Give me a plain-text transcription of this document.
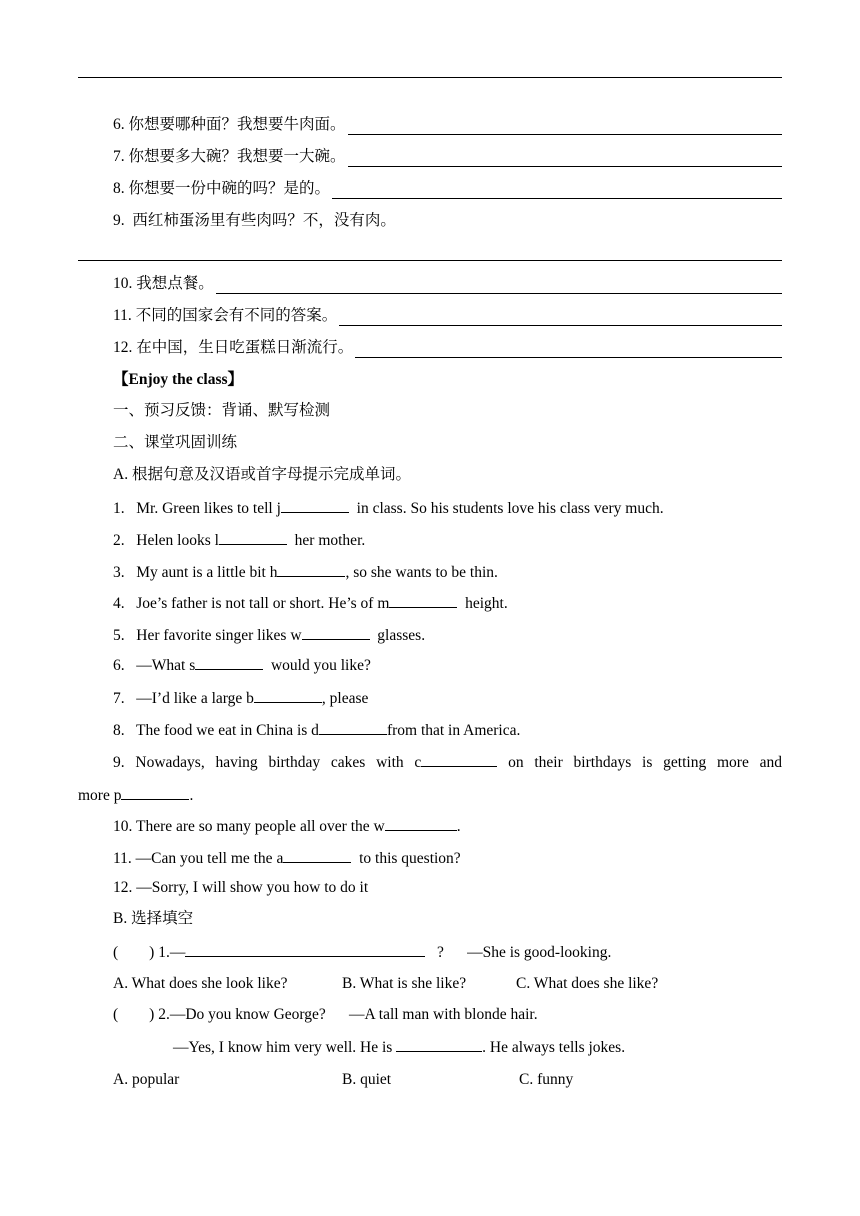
6.
你想要哪种面？我想要牛肉面。
7.
你想要多大碗？我想要一大碗。
8.
你想要一份中碗的吗？是的。
9. 西红柿蛋汤里有些肉吗？不，没有肉。
10.
我想点餐。
11.
不同的国家会有不同的答案。
12.
在中国，生日吃蛋糕日渐流行。
【Enjoy the class】
一、预习反馈：背诵、默写检测
二、课堂巩固训练
A. 根据句意及汉语或首字母提示完成单词。
1. Mr. Green likes to tell j	in class. So his students love his class very much.
2. Helen looks l	her mother.
3. My aunt is a little bit h	, so she wants to be thin.
4. Joe’s father is not tall or short. He’s of m	height.
5. Her favorite singer likes w	glasses.
6. —What s	would you like?
7. —I’d like a large b	, please
8. The food we eat in China is d	from that in America.
9. Nowadays, having birthday cakes with c	on their birthdays is getting more and
more p	.
10. There are so many people all over the w	.
11. —Can you tell me the a	to this question?
12. —Sorry, I will show you how to do it
B. 选择填空
(        ) 1.—	?      —She is good-looking.
A. What does she look like?	B. What is she like?	C. What does she like?
(        ) 2.—Do you know George?      —A tall man with blonde hair.
—Yes, I know him very well. He is	. He always tells jokes.
A. popular	B. quiet	C. funny
